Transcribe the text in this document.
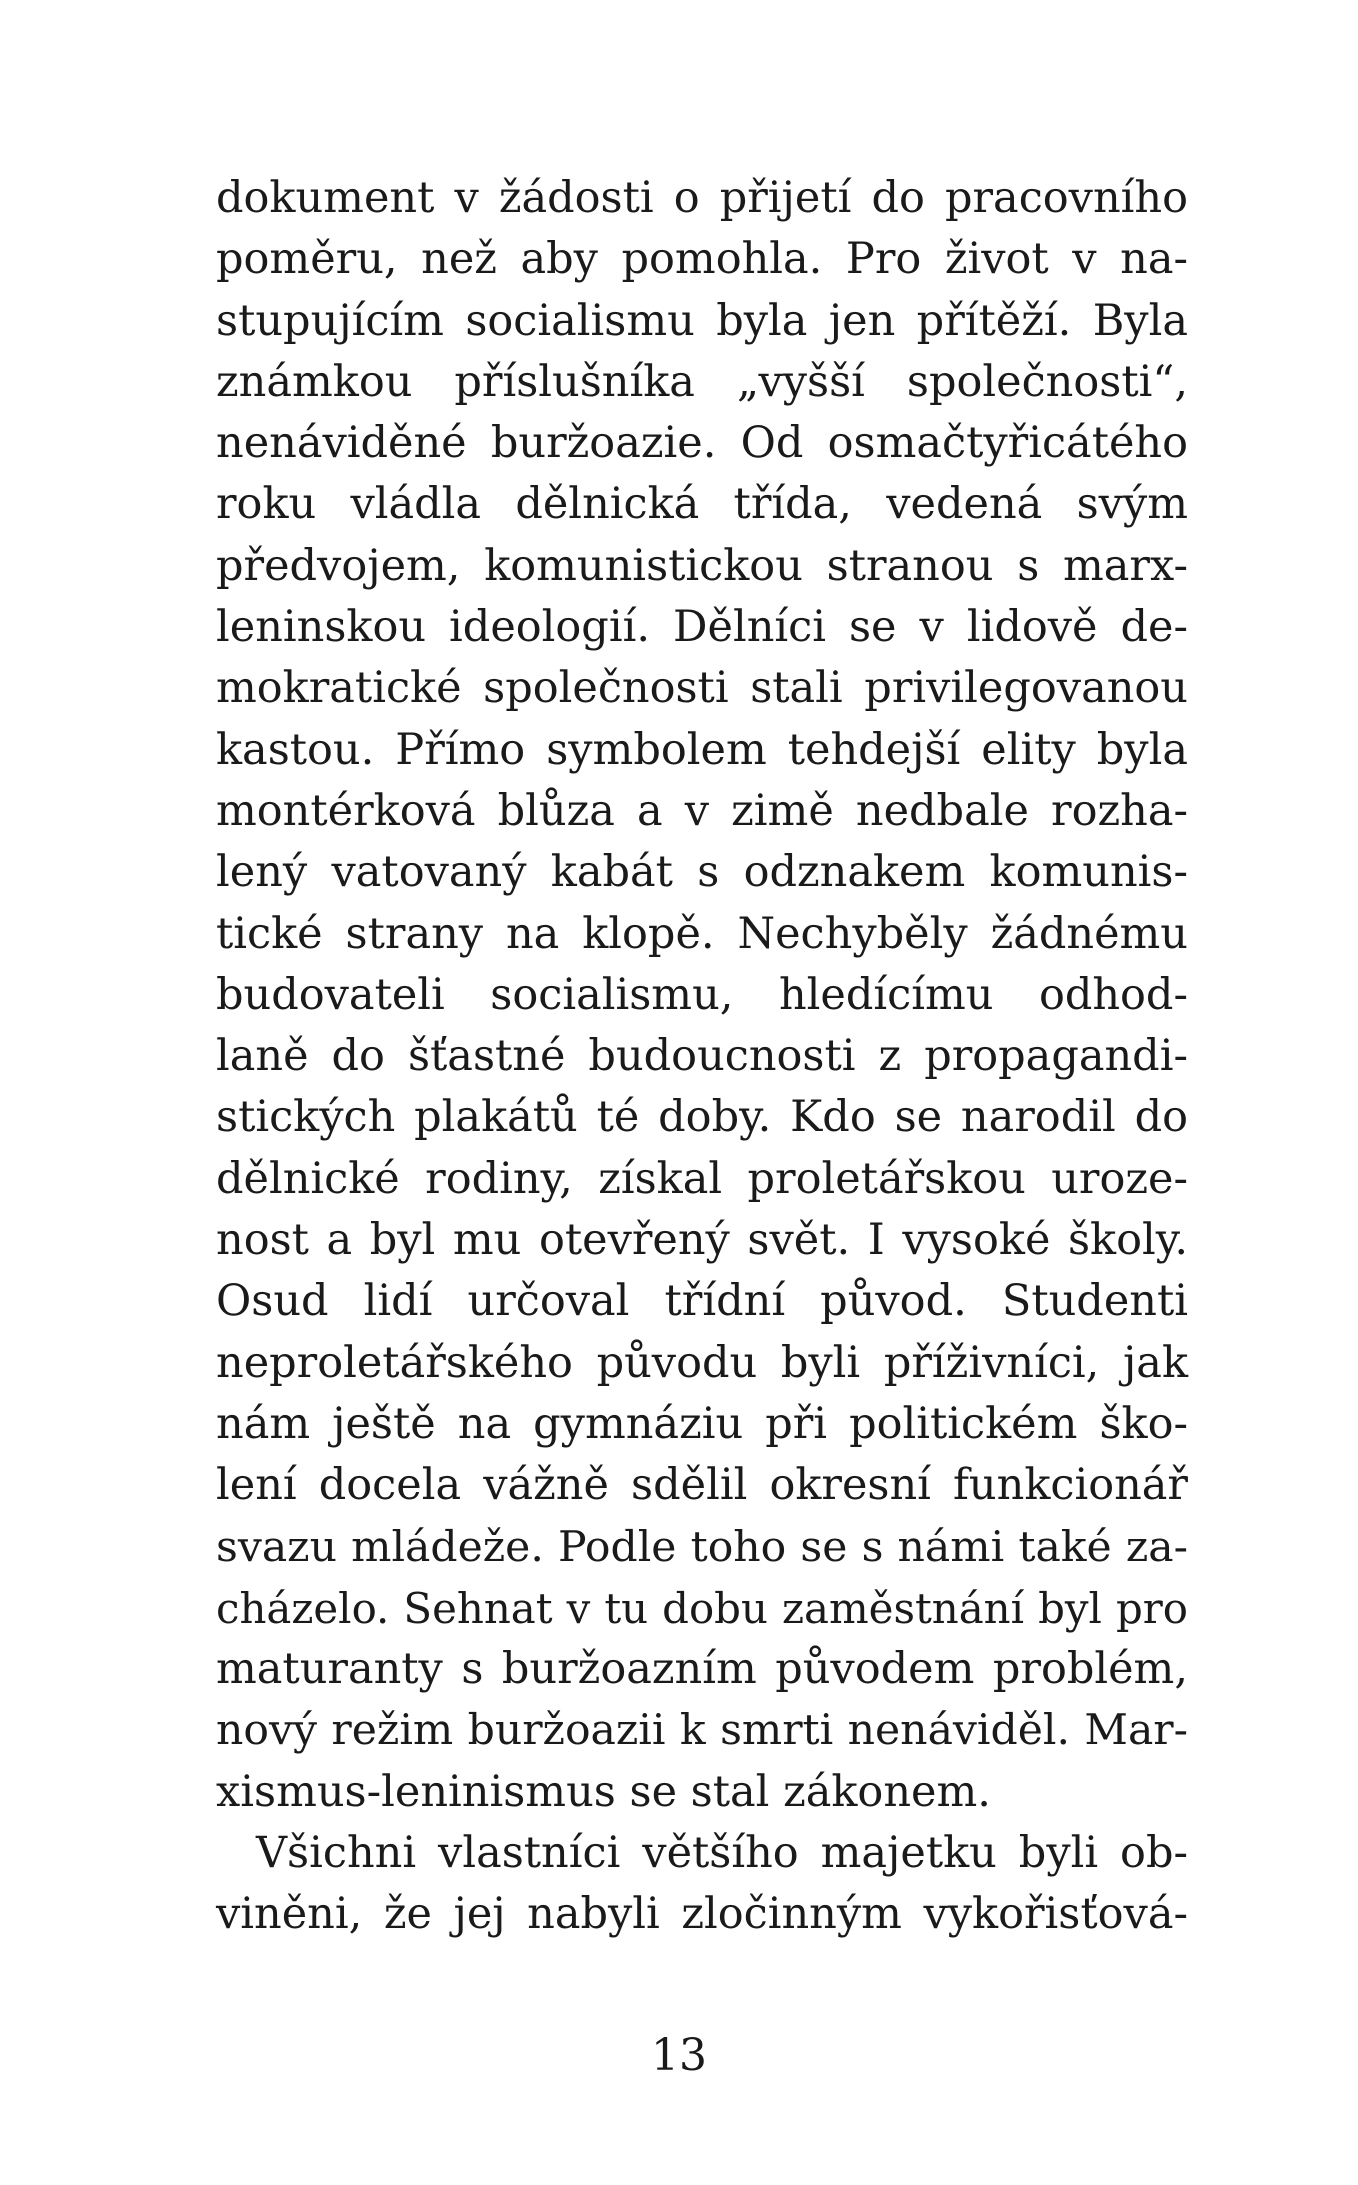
dokument v žádosti o přijetí do pracovního
poměru, než aby pomohla. Pro život v na-
stupujícím socialismu byla jen přítěží. Byla
známkou příslušníka „vyšší společnosti“,
nenáviděné buržoazie. Od osmačtyřicátého
roku vládla dělnická třída, vedená svým
předvojem, komunistickou stranou s marx-
leninskou ideologií. Dělníci se v lidově de-
mokratické společnosti stali privilegovanou
kastou. Přímo symbolem tehdejší elity byla
montérková blůza a v zimě nedbale rozha-
lený vatovaný kabát s odznakem komunis-
tické strany na klopě. Nechyběly žádnému
budovateli socialismu, hledícímu odhod-
laně do šťastné budoucnosti z propagandi-
stických plakátů té doby. Kdo se narodil do
dělnické rodiny, získal proletářskou uroze-
nost a byl mu otevřený svět. I vysoké školy.
Osud lidí určoval třídní původ. Studenti
neproletářského původu byli příživníci, jak
nám ještě na gymnáziu při politickém ško-
lení docela vážně sdělil okresní funkcionář
svazu mládeže. Podle toho se s námi také za-
cházelo. Sehnat v tu dobu zaměstnání byl pro
maturanty s buržoazním původem problém,
nový režim buržoazii k smrti nenáviděl. Mar-
xismus-leninismus se stal zákonem.
Všichni vlastníci většího majetku byli ob-
viněni, že jej nabyli zločinným vykořisťová-
13
